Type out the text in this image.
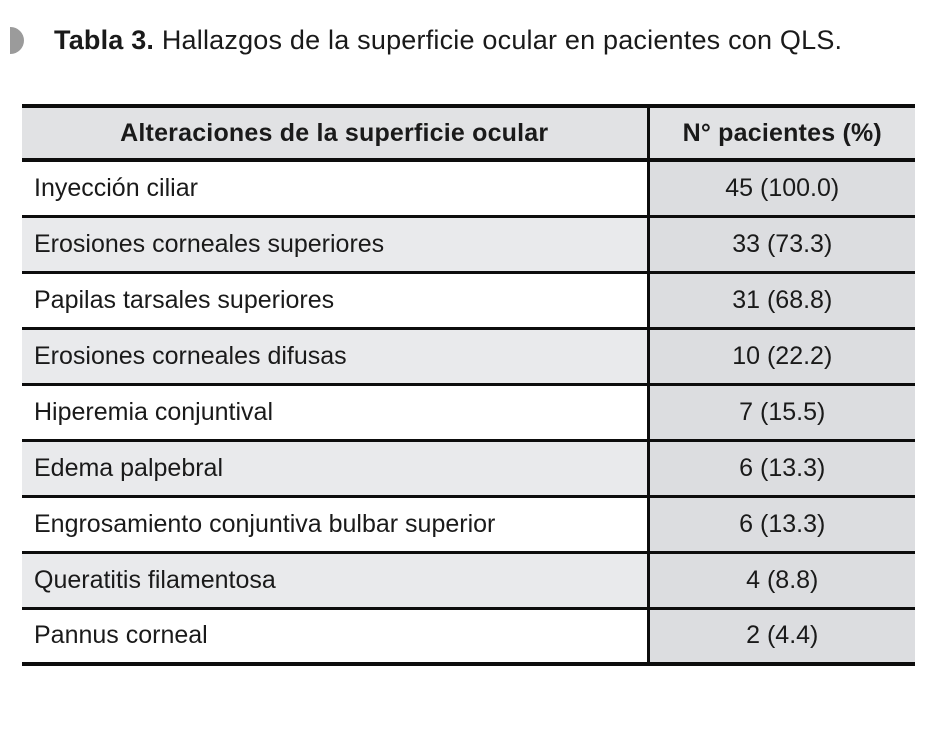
Tabla 3. Hallazgos de la superficie ocular en pacientes con QLS.
Alteraciones de la superficie ocular	N° pacientes (%)
Inyección ciliar	45 (100.0)
Erosiones corneales superiores	33 (73.3)
Papilas tarsales superiores	31 (68.8)
Erosiones corneales difusas	10 (22.2)
Hiperemia conjuntival	7 (15.5)
Edema palpebral	6 (13.3)
Engrosamiento conjuntiva bulbar superior	6 (13.3)
Queratitis filamentosa	4 (8.8)
Pannus corneal	2 (4.4)
